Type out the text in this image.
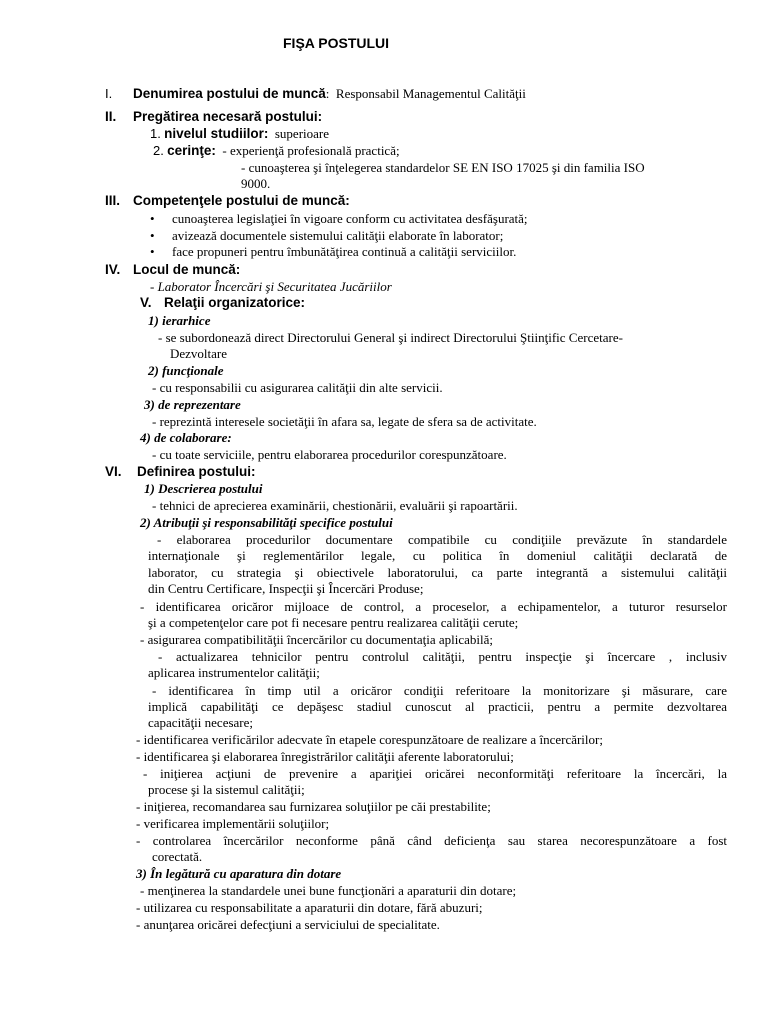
FIŞA POSTULUI
I. Denumirea postului de muncă: Responsabil Managementul Calităţii
II. Pregătirea necesară postului:
1. nivelul studiilor: superioare
2. cerinţe: - experienţă profesională practică;
- cunoaşterea şi înţelegerea standardelor SE EN ISO 17025 şi din familia ISO
9000.
III. Competenţele postului de muncă:
• cunoaşterea legislaţiei în vigoare conform cu activitatea desfăşurată;
• avizează documentele sistemului calităţii elaborate în laborator;
• face propuneri pentru îmbunătăţirea continuă a calităţii serviciilor.
IV. Locul de muncă:
- Laborator Încercări şi Securitatea Jucăriilor
V. Relaţii organizatorice:
1) ierarhice
- se subordonează direct Directorului General şi indirect Directorului Ştiinţific Cercetare-
Dezvoltare
2) funcţionale
- cu responsabilii cu asigurarea calităţii din alte servicii.
3) de reprezentare
- reprezintă interesele societăţii în afara sa, legate de sfera sa de activitate.
4) de colaborare:
- cu toate serviciile, pentru elaborarea procedurilor corespunzătoare.
VI. Definirea postului:
1) Descrierea postului
- tehnici de aprecierea examinării, chestionării, evaluării şi rapoartării.
2) Atribuţii şi responsabilităţi specifice postului
- elaborarea procedurilor documentare compatibile cu condiţiile prevăzute în standardele
internaţionale şi reglementărilor legale, cu politica în domeniul calităţii declarată de
laborator, cu strategia şi obiectivele laboratorului, ca parte integrantă a sistemului calităţii
din Centru Certificare, Inspecţii şi Încercări Produse;
- identificarea oricăror mijloace de control, a proceselor, a echipamentelor, a tuturor resurselor
şi a competenţelor care pot fi necesare pentru realizarea calităţii cerute;
- asigurarea compatibilităţii încercărilor cu documentaţia aplicabilă;
- actualizarea tehnicilor pentru controlul calităţii, pentru inspecţie şi încercare , inclusiv
aplicarea instrumentelor calităţii;
- identificarea în timp util a oricăror condiţii referitoare la monitorizare şi măsurare, care
implică capabilităţi ce depăşesc stadiul cunoscut al practicii, pentru a permite dezvoltarea
capacităţii necesare;
- identificarea verificărilor adecvate în etapele corespunzătoare de realizare a încercărilor;
- identificarea şi elaborarea înregistrărilor calităţii aferente laboratorului;
- iniţierea acţiuni de prevenire a apariţiei oricărei neconformităţi referitoare la încercări, la
procese şi la sistemul calităţii;
- iniţierea, recomandarea sau furnizarea soluţiilor pe căi prestabilite;
- verificarea implementării soluţiilor;
- controlarea încercărilor neconforme până când deficienţa sau starea necorespunzătoare a fost
corectată.
3) În legătură cu aparatura din dotare
- menţinerea la standardele unei bune funcţionări a aparaturii din dotare;
- utilizarea cu responsabilitate a aparaturii din dotare, fără abuzuri;
- anunţarea oricărei defecţiuni a serviciului de specialitate.
